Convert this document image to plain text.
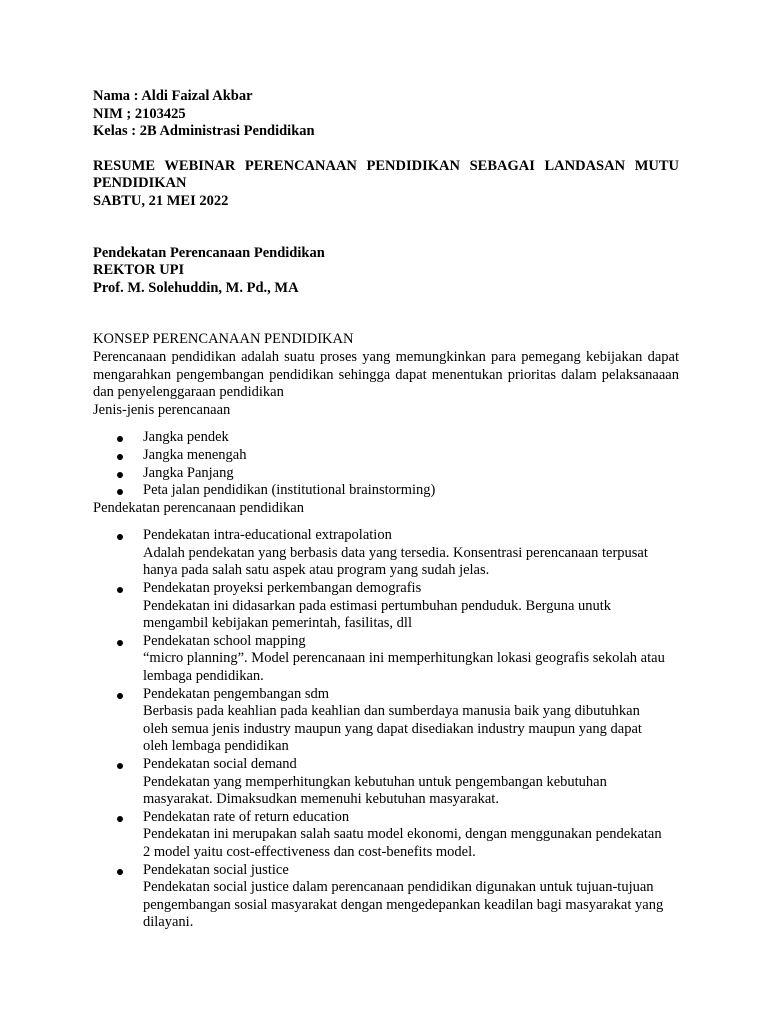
Nama : Aldi Faizal Akbar

NIM ; 2103425

Kelas : 2B Administrasi Pendidikan

RESUME WEBINAR PERENCANAAN PENDIDIKAN SEBAGAI LANDASAN MUTU

PENDIDIKAN

SABTU, 21 MEI 2022

Pendekatan Perencanaan Pendidikan

REKTOR UPI

Prof. M. Solehuddin, M. Pd., MA

KONSEP PERENCANAAN PENDIDIKAN

Perencanaan pendidikan adalah suatu proses yang memungkinkan para pemegang kebijakan dapat mengarahkan pengembangan pendidikan sehingga dapat menentukan prioritas dalam pelaksanaaan dan penyelenggaraan pendidikan

Jenis-jenis perencanaan

Jangka pendek
Jangka menengah
Jangka Panjang
Peta jalan pendidikan (institutional brainstorming)

Pendekatan perencanaan pendidikan

Pendekatan intra-educational extrapolation
Adalah pendekatan yang berbasis data yang tersedia. Konsentrasi perencanaan terpusat hanya pada salah satu aspek atau program yang sudah jelas.
Pendekatan proyeksi perkembangan demografis
Pendekatan ini didasarkan pada estimasi pertumbuhan penduduk. Berguna unutk mengambil kebijakan pemerintah, fasilitas, dll
Pendekatan school mapping
“micro planning”. Model perencanaan ini memperhitungkan lokasi geografis sekolah atau lembaga pendidikan.
Pendekatan pengembangan sdm
Berbasis pada keahlian pada keahlian dan sumberdaya manusia baik yang dibutuhkan oleh semua jenis industry maupun yang dapat disediakan industry maupun yang dapat oleh lembaga pendidikan
Pendekatan social demand
Pendekatan yang memperhitungkan kebutuhan untuk pengembangan kebutuhan masyarakat. Dimaksudkan memenuhi kebutuhan masyarakat.
Pendekatan rate of return education
Pendekatan ini merupakan salah saatu model ekonomi, dengan menggunakan pendekatan 2 model yaitu cost-effectiveness dan cost-benefits model.
Pendekatan social justice
Pendekatan social justice dalam perencanaan pendidikan digunakan untuk tujuan-tujuan pengembangan sosial masyarakat dengan mengedepankan keadilan bagi masyarakat yang dilayani.
